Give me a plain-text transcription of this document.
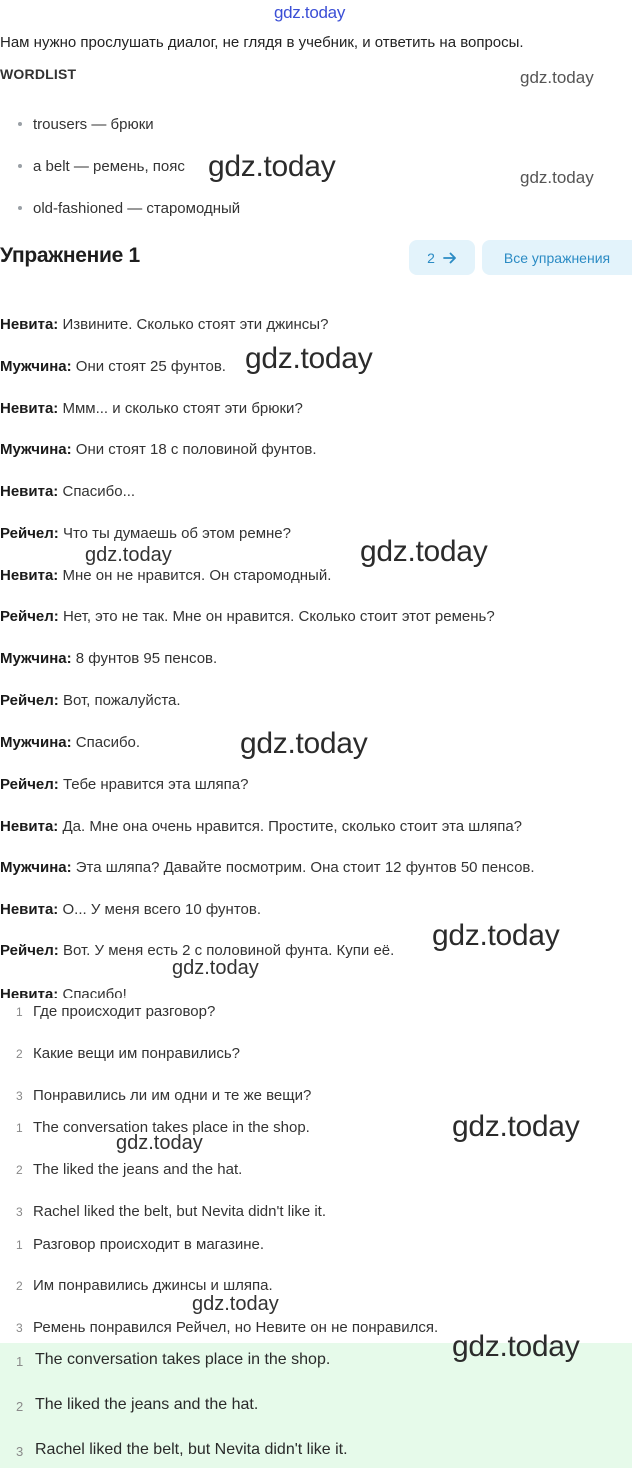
gdz.today
Нам нужно прослушать диалог, не глядя в учебник, и ответить на вопросы.
WORDLIST
trousers — брюки
a belt — ремень, пояс
old-fashioned — старомодный
Упражнение 1	2	Все упражнения
Невита: Извините. Сколько стоят эти джинсы?
Мужчина: Они стоят 25 фунтов.
Невита: Ммм... и сколько стоят эти брюки?
Мужчина: Они стоят 18 с половиной фунтов.
Невита: Спасибо...
Рейчел: Что ты думаешь об этом ремне?
Невита: Мне он не нравится. Он старомодный.
Рейчел: Нет, это не так. Мне он нравится. Сколько стоит этот ремень?
Мужчина: 8 фунтов 95 пенсов.
Рейчел: Вот, пожалуйста.
Мужчина: Спасибо.
Рейчел: Тебе нравится эта шляпа?
Невита: Да. Мне она очень нравится. Простите, сколько стоит эта шляпа?
Мужчина: Эта шляпа? Давайте посмотрим. Она стоит 12 фунтов 50 пенсов.
Невита: О... У меня всего 10 фунтов.
Рейчел: Вот. У меня есть 2 с половиной фунта. Купи её.
Невита: Спасибо!
1 Где происходит разговор?
2 Какие вещи им понравились?
3 Понравились ли им одни и те же вещи?
1 The conversation takes place in the shop.
2 The liked the jeans and the hat.
3 Rachel liked the belt, but Nevita didn't like it.
1 Разговор происходит в магазине.
2 Им понравились джинсы и шляпа.
3 Ремень понравился Рейчел, но Невите он не понравился.
1 The conversation takes place in the shop.
2 The liked the jeans and the hat.
3 Rachel liked the belt, but Nevita didn't like it.
gdz.today
gdz.today	gdz.today
gdz.today
gdz.today	gdz.today
gdz.today
gdz.today
gdz.today
gdz.today
gdz.today
gdz.today
gdz.today
